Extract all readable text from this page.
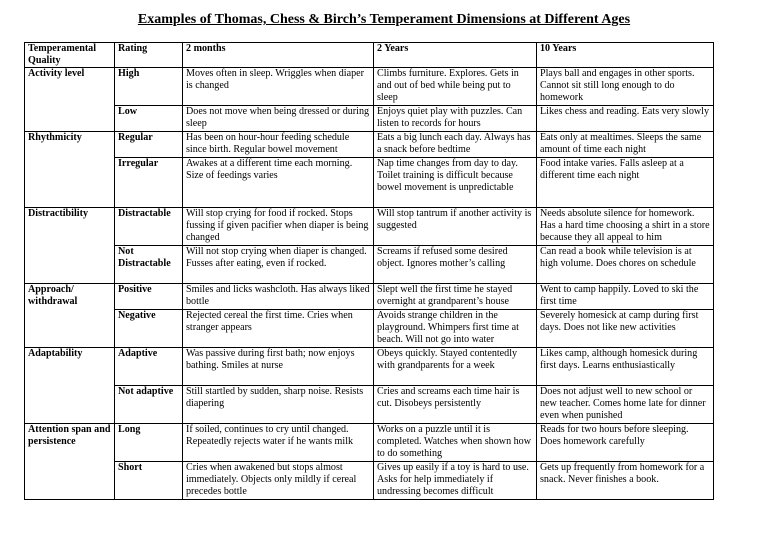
Examples of Thomas, Chess & Birch’s Temperament Dimensions at Different Ages
Temperamental Quality	Rating	2 months	2 Years	10 Years
Activity level	High	Moves often in sleep. Wriggles when diaper is changed	Climbs furniture. Explores. Gets in and out of bed while being put to sleep	Plays ball and engages in other sports. Cannot sit still long enough to do homework
	Low	Does not move when being dressed or during sleep	Enjoys quiet play with puzzles. Can listen to records for hours	Likes chess and reading. Eats very slowly
Rhythmicity	Regular	Has been on hour-hour feeding schedule since birth. Regular bowel movement	Eats a big lunch each day. Always has a snack before bedtime	Eats only at mealtimes. Sleeps the same amount of time each night
	Irregular	Awakes at a different time each morning. Size of feedings varies	Nap time changes from day to day. Toilet training is difficult because bowel movement is unpredictable	Food intake varies. Falls asleep at a different time each night
Distractibility	Distractable	Will stop crying for food if rocked. Stops fussing if given pacifier when diaper is being changed	Will stop tantrum if another activity is suggested	Needs absolute silence for homework. Has a hard time choosing a shirt in a store because they all appeal to him
	Not Distractable	Will not stop crying when diaper is changed. Fusses after eating, even if rocked.	Screams if refused some desired object. Ignores mother’s calling	Can read a book while television is at high volume. Does chores on schedule
Approach/ withdrawal	Positive	Smiles and licks washcloth. Has always liked bottle	Slept well the first time he stayed overnight at grandparent’s house	Went to camp happily. Loved to ski the first time
	Negative	Rejected cereal the first time. Cries when stranger appears	Avoids strange children in the playground. Whimpers first time at beach. Will not go into water	Severely homesick at camp during first days. Does not like new activities
Adaptability	Adaptive	Was passive during first bath; now enjoys bathing. Smiles at nurse	Obeys quickly. Stayed contentedly with grandparents for a week	Likes camp, although homesick during first days. Learns enthusiastically
	Not adaptive	Still startled by sudden, sharp noise. Resists diapering	Cries and screams each time hair is cut. Disobeys persistently	Does not adjust well to new school or new teacher. Comes home late for dinner even when punished
Attention span and persistence	Long	If soiled, continues to cry until changed. Repeatedly rejects water if he wants milk	Works on a puzzle until it is completed. Watches when shown how to do something	Reads for two hours before sleeping. Does homework carefully
	Short	Cries when awakened but stops almost immediately. Objects only mildly if cereal precedes bottle	Gives up easily if a toy is hard to use. Asks for help immediately if undressing becomes difficult	Gets up frequently from homework for a snack. Never finishes a book.
